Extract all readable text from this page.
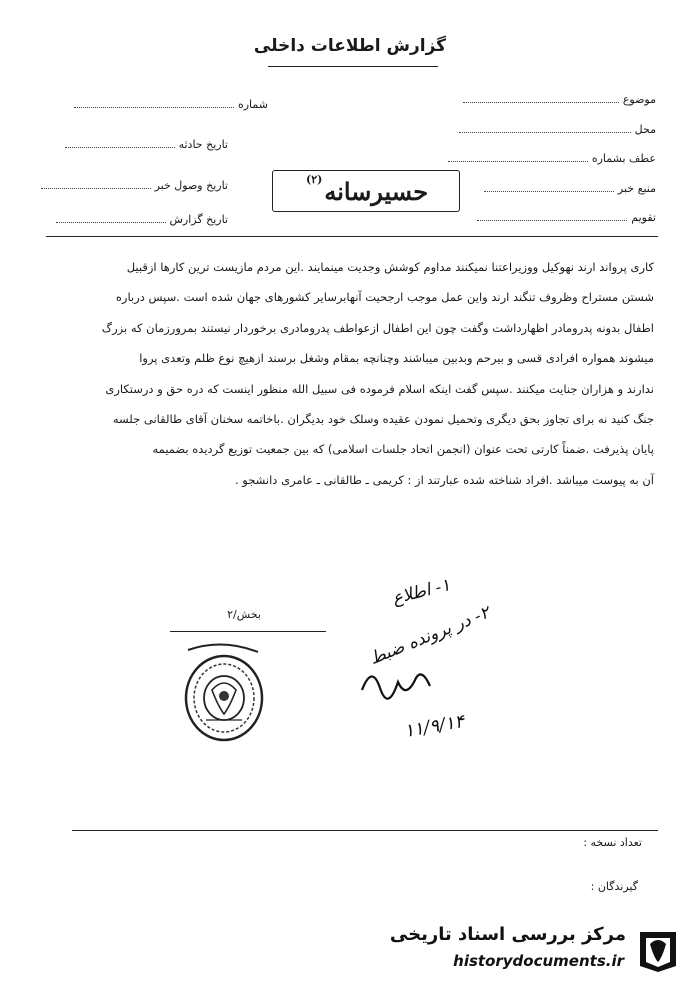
گزارش اطلاعات داخلی
موضوع
محل
عطف بشماره
منبع خبر
تقویم
شماره
تاریخ حادثه
تاریخ وصول خبر
تاریخ گزارش
حسیرسانه
(۲)

کاری پرواند ارند نهوکیل ووزیراعتنا نمیکنند مداوم کوشش وجدیت مینمایند .این مردم مازیست ترین کارها ازقبیل

شستن مستراح وظروف تنگند ارند واین عمل موجب ارجحیت آنهابرسایر کشورهای جهان شده است .سپس درباره

اطفال بدونه پدرومادر اظهارداشت وگفت چون این اطفال ازعواطف پدرومادری برخوردار نیستند بمرورزمان که بزرگ

میشوند همواره افرادی قسی و بیرحم وبدبین میباشند وچنانچه بمقام وشغل برسند ازهیچ نوع ظلم وتعدی پروا

ندارند و هزاران جنایت میکنند .سپس گفت اینکه اسلام فرموده فی سبیل الله منظور اینست که دره حق و درستکاری

جنگ کنید نه برای تجاوز بحق دیگری وتحمیل نمودن عقیده وسلک خود بدیگران .باخاتمه سخنان آقای طالقانی جلسه

پایان پذیرفت .ضمناً کارتی تحت عنوان (انجمن اتحاد جلسات اسلامی) که بین جمعیت توزیع گردیده بضمیمه

آن به پیوست میباشد .افراد شناخته شده عبارتند از : کریمی ـ طالقانی ـ عامری دانشجو .

بخش/۲
۱- اطلاع
۲- در پرونده ضبط
۱۱/۹/۱۴
تعداد نسخه :
گیرندگان :
مرکز بررسی اسناد تاریخی
historydocuments.ir
